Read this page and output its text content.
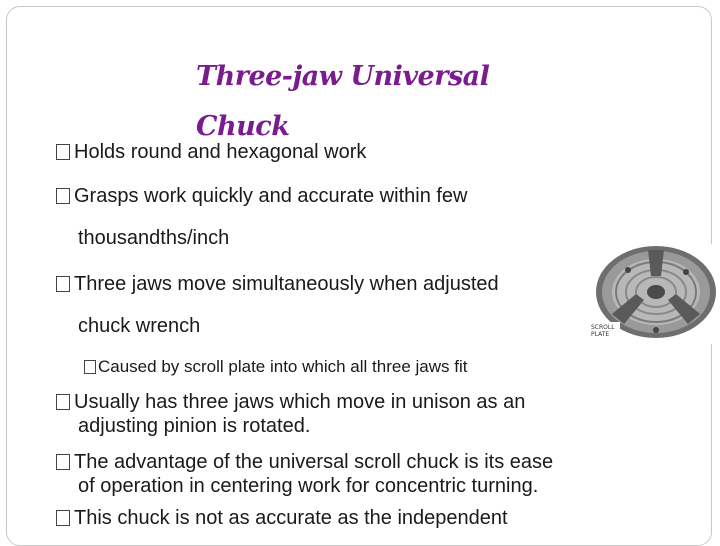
Three-jaw Universal Chuck

Holds round and hexagonal work

Grasps work quickly and accurate within few

thousandths/inch

Three jaws move simultaneously when adjusted

chuck wrench

Caused by scroll plate into which all three jaws fit

Usually has three jaws which move in unison as an

adjusting pinion is rotated.

The advantage of the universal scroll chuck is its ease

of operation in centering work for concentric turning.

This chuck is not as accurate as the independent

SCROLL PLATE
